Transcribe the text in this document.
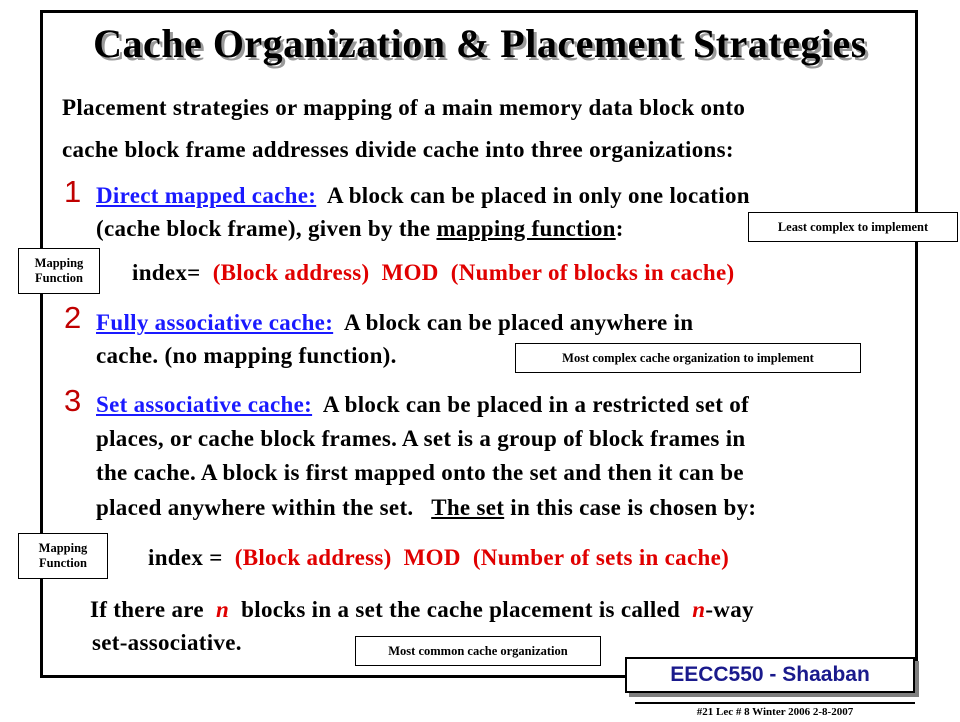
Cache Organization & Placement Strategies
Placement strategies or mapping of a main memory data block onto
cache block frame addresses divide cache into three organizations:
1 Direct mapped cache:  A block can be placed in only one location
(cache block frame), given by the mapping function:
index=  (Block address)  MOD  (Number of blocks in cache)
2 Fully associative cache:  A block can be placed anywhere in
cache. (no mapping function).
3 Set associative cache:  A block can be placed in a restricted set of
places, or cache block frames. A set is a group of block frames in
the cache. A block is first mapped onto the set and then it can be
placed anywhere within the set.   The set in this case is chosen by:
index =  (Block address)  MOD  (Number of sets in cache)
If there are  n  blocks in a set the cache placement is called  n-way
set-associative.
Least complex to implement
Most complex cache organization to implement
Most common cache organization
Mapping Function
Mapping Function
EECC550 - Shaaban
#21 Lec # 8 Winter 2006 2-8-2007
